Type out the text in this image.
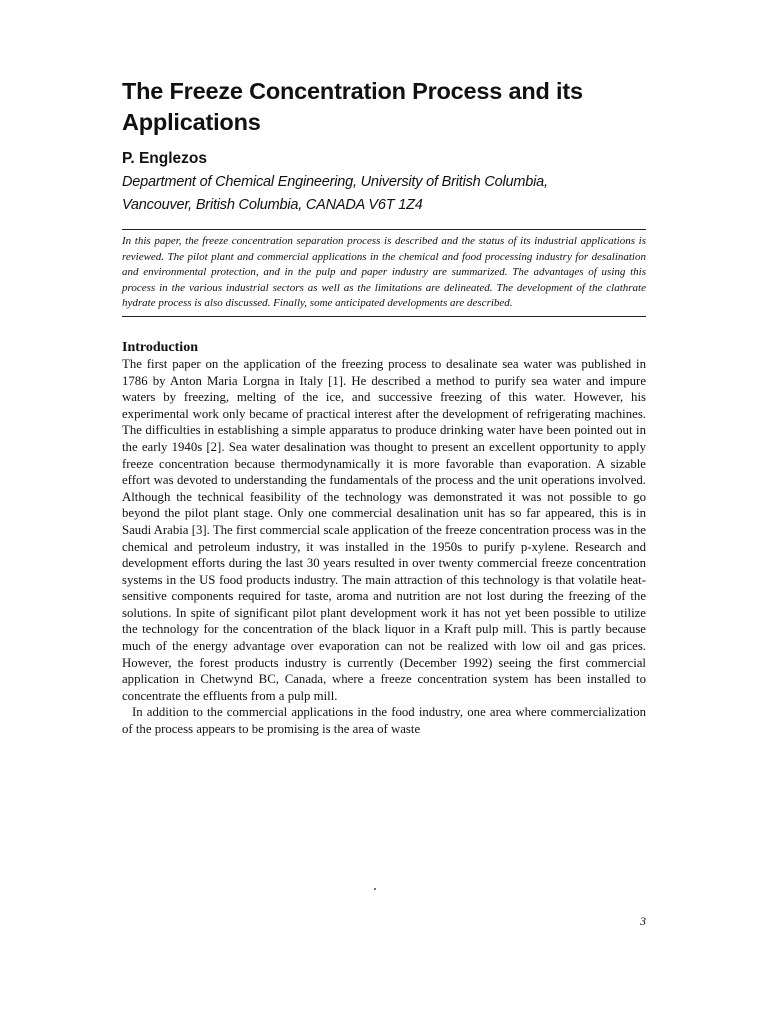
The Freeze Concentration Process and its Applications
P. Englezos
Department of Chemical Engineering, University of British Columbia,
Vancouver, British Columbia, CANADA V6T 1Z4
In this paper, the freeze concentration separation process is described and the status of its industrial applications is reviewed. The pilot plant and commercial applications in the chemical and food processing industry for desalination and environmental protection, and in the pulp and paper industry are summarized. The advantages of using this process in the various industrial sectors as well as the limitations are delineated. The development of the clathrate hydrate process is also discussed. Finally, some anticipated developments are described.
Introduction

The first paper on the application of the freezing process to desalinate sea water was published in 1786 by Anton Maria Lorgna in Italy [1]. He described a method to purify sea water and impure waters by freezing, melting of the ice, and successive freezing of this water. However, his experimental work only became of practical interest after the development of refrigerating machines. The difficulties in establishing a simple apparatus to produce drinking water have been pointed out in the early 1940s [2]. Sea water desalination was thought to present an excellent opportunity to apply freeze concentration because thermodynamically it is more favorable than evaporation. A sizable effort was devoted to understanding the fundamentals of the process and the unit operations involved. Although the technical feasibility of the technology was demonstrated it was not possible to go beyond the pilot plant stage. Only one commercial desalination unit has so far appeared, this is in Saudi Arabia [3]. The first commercial scale application of the freeze concentration process was in the chemical and petroleum industry, it was installed in the 1950s to purify p-xylene. Research and development efforts during the last 30 years resulted in over twenty commercial freeze concentration systems in the US food products industry. The main attraction of this technology is that volatile heat-sensitive components required for taste, aroma and nutrition are not lost during the freezing of the solutions. In spite of significant pilot plant development work it has not yet been possible to utilize the technology for the concentration of the black liquor in a Kraft pulp mill. This is partly because much of the energy advantage over evaporation can not be realized with low oil and gas prices. However, the forest products industry is currently (December 1992) seeing the first commercial application in Chetwynd BC, Canada, where a freeze concentration system has been installed to concentrate the effluents from a pulp mill.

In addition to the commercial applications in the food industry, one area where commercialization of the process appears to be promising is the area of waste

3
